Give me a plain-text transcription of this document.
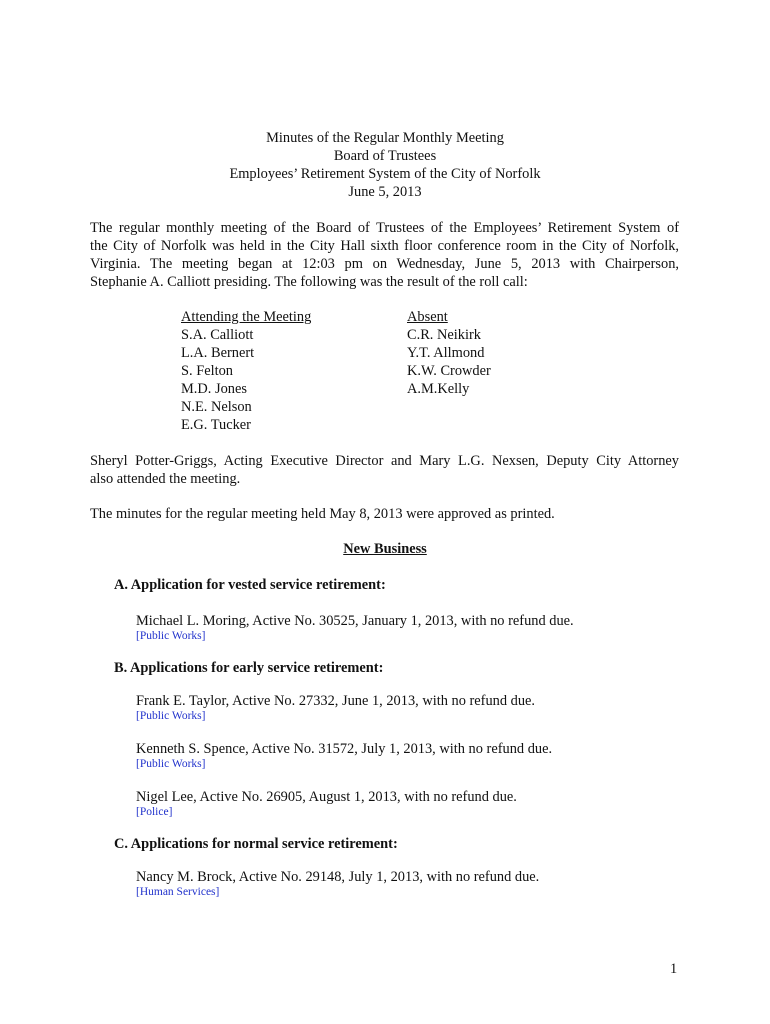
Minutes of the Regular Monthly Meeting
Board of Trustees
Employees’ Retirement System of the City of Norfolk
June 5, 2013
The regular monthly meeting of the Board of Trustees of the Employees’ Retirement System of
the City of Norfolk was held in the City Hall sixth floor conference room in the City of Norfolk,
Virginia. The meeting began at 12:03 pm on Wednesday, June 5, 2013 with Chairperson,
Stephanie A. Calliott presiding. The following was the result of the roll call:
Attending the Meeting
S.A. Calliott
L.A. Bernert
S. Felton
M.D. Jones
N.E. Nelson
E.G. Tucker
Absent
C.R. Neikirk
Y.T. Allmond
K.W. Crowder
A.M.Kelly
Sheryl Potter-Griggs, Acting Executive Director and Mary L.G. Nexsen, Deputy City Attorney
also attended the meeting.
The minutes for the regular meeting held May 8, 2013 were approved as printed.
New Business
A. Application for vested service retirement:
Michael L. Moring, Active No. 30525, January 1, 2013, with no refund due.
[Public Works]
B. Applications for early service retirement:
Frank E. Taylor, Active No. 27332, June 1, 2013, with no refund due.
[Public Works]
Kenneth S. Spence, Active No. 31572, July 1, 2013, with no refund due.
[Public Works]
Nigel Lee, Active No. 26905, August 1, 2013, with no refund due.
[Police]
C. Applications for normal service retirement:
Nancy M. Brock, Active No. 29148, July 1, 2013, with no refund due.
[Human Services]
1
